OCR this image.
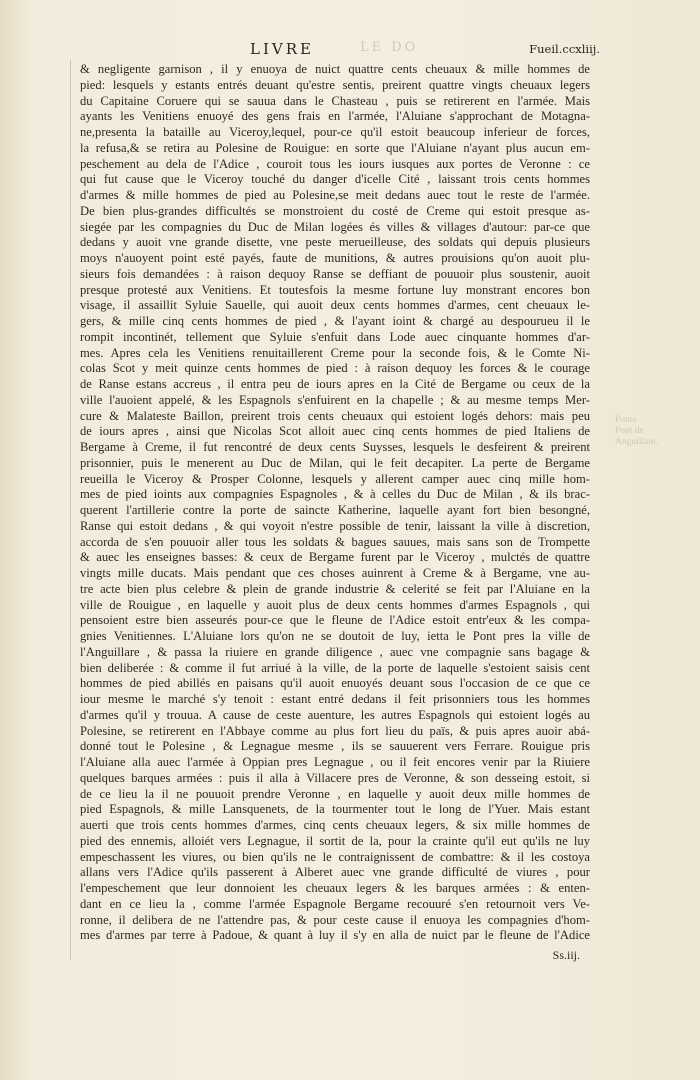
LIVRE	LE DO	Fueil.ccxliij.
& negligente garnison , il y enuoya de nuict quattre cents cheuaux & mille hommes de
pied: lesquels y estants entrés deuant qu'estre sentis, preirent quattre vingts cheuaux legers
du Capitaine Coruere qui se sauua dans le Chasteau , puis se retirerent en l'armée. Mais
ayants les Venitiens enuoyé des gens frais en l'armée, l'Aluiane s'approchant de Motagna-
ne,presenta la bataille au Viceroy,lequel, pour-ce qu'il estoit beaucoup inferieur de forces,
la refusa,& se retira au Polesine de Rouigue: en sorte que l'Aluiane n'ayant plus aucun em-
peschement au dela de l'Adice , couroit tous les iours iusques aux portes de Veronne : ce
qui fut cause que le Viceroy touché du danger d'icelle Cité , laissant trois cents hommes
d'armes & mille hommes de pied au Polesine,se meit dedans auec tout le reste de l'armée.
De bien plus-grandes difficultés se monstroient du costé de Creme qui estoit presque as-
siegée par les compagnies du Duc de Milan logées és villes & villages d'autour: par-ce que
dedans y auoit vne grande disette, vne peste merueilleuse, des soldats qui depuis plusieurs
moys n'auoyent point esté payés, faute de munitions, & autres prouisions qu'on auoit plu-
sieurs fois demandées : à raison dequoy Ranse se deffiant de pouuoir plus soustenir, auoit
presque protesté aux Venitiens. Et toutesfois la mesme fortune luy monstrant encores bon
visage, il assaillit Syluie Sauelle, qui auoit deux cents hommes d'armes, cent cheuaux le-
gers, & mille cinq cents hommes de pied , & l'ayant ioint & chargé au despourueu il le
rompit incontinét, tellement que Syluie s'enfuit dans Lode auec cinquante hommes d'ar-
mes. Apres cela les Venitiens renuitaillerent Creme pour la seconde fois, & le Comte Ni-
colas Scot y meit quinze cents hommes de pied : à raison dequoy les forces & le courage
de Ranse estans accreus , il entra peu de iours apres en la Cité de Bergame ou ceux de la
ville l'auoient appelé, & les Espagnols s'enfuirent en la chapelle ; & au mesme temps Mer-
cure & Malateste Baillon, preirent trois cents cheuaux qui estoient logés dehors: mais peu
de iours apres , ainsi que Nicolas Scot alloit auec cinq cents hommes de pied Italiens de
Bergame à Creme, il fut rencontré de deux cents Suysses, lesquels le desfeirent & preirent
prisonnier, puis le menerent au Duc de Milan, qui le feit decapiter. La perte de Bergame
reueilla le Viceroy & Prosper Colonne, lesquels y allerent camper auec cinq mille hom-
mes de pied ioints aux compagnies Espagnoles , & à celles du Duc de Milan , & ils brac-
querent l'artillerie contre la porte de saincte Katherine, laquelle ayant fort bien besongné,
Ranse qui estoit dedans , & qui voyoit n'estre possible de tenir, laissant la ville à discretion,
accorda de s'en pouuoir aller tous les soldats & bagues sauues, mais sans son de Trompette
& auec les enseignes basses: & ceux de Bergame furent par le Viceroy , mulctés de quattre
vingts mille ducats. Mais pendant que ces choses auinrent à Creme & à Bergame, vne au-
tre acte bien plus celebre & plein de grande industrie & celerité se feit par l'Aluiane en la
ville de Rouigue , en laquelle y auoit plus de deux cents hommes d'armes Espagnols , qui
pensoient estre bien asseurés pour-ce que le fleune de l'Adice estoit entr'eux & les compa-
gnies Venitiennes. L'Aluiane lors qu'on ne se doutoit de luy, ietta le Pont pres la ville de
l'Anguillare , & passa la riuiere en grande diligence , auec vne compagnie sans bagage &
bien deliberée : & comme il fut arriué à la ville, de la porte de laquelle s'estoient saisis cent
hommes de pied abillés en paisans qu'il auoit enuoyés deuant sous l'occasion de ce que ce
iour mesme le marché s'y tenoit : estant entré dedans il feit prisonniers tous les hommes
d'armes qu'il y trouua. A cause de ceste auenture, les autres Espagnols qui estoient logés au
Polesine, se retirerent en l'Abbaye comme au plus fort lieu du païs, & puis apres auoir abá-
donné tout le Polesine , & Legnague mesme , ils se sauuerent vers Ferrare. Rouigue pris
l'Aluiane alla auec l'armée à Oppian pres Legnague , ou il feit encores venir par la Riuiere
quelques barques armées : puis il alla à Villacere pres de Veronne, & son desseing estoit, si
de ce lieu la il ne pouuoit prendre Veronne , en laquelle y auoit deux mille hommes de
pied Espagnols, & mille Lansquenets, de la tourmenter tout le long de l'Yuer. Mais estant
auerti que trois cents hommes d'armes, cinq cents cheuaux legers, & six mille hommes de
pied des ennemis, alloiét vers Legnague, il sortit de la, pour la crainte qu'il eut qu'ils ne luy
empeschassent les viures, ou bien qu'ils ne le contraignissent de combattre: & il les costoya
allans vers l'Adice qu'ils passerent à Alberet auec vne grande difficulté de viures , pour
l'empeschement que leur donnoient les cheuaux legers & les barques armées : & enten-
dant en ce lieu la , comme l'armée Espagnole Bergame recouuré s'en retournoit vers Ve-
ronne, il delibera de ne l'attendre pas, & pour ceste cause il enuoya les compagnies d'hom-
mes d'armes par terre à Padoue, & quant à luy il s'y en alla de nuict par le fleune de l'Adice
Ss.iij.
Ponte
Pont de
Anguillare.
